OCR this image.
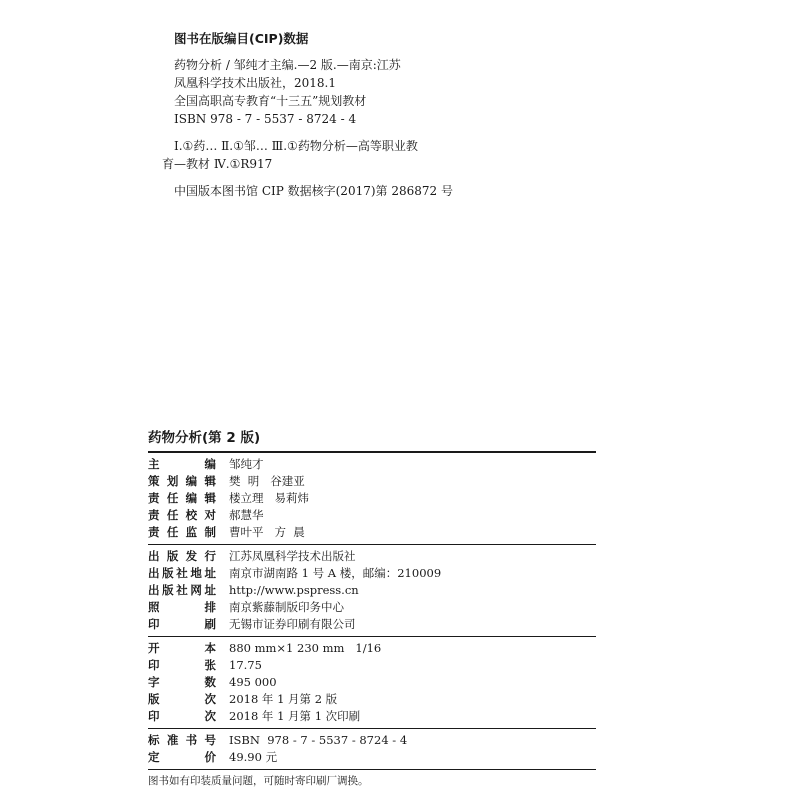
图书在版编目(CIP)数据
药物分析 / 邹纯才主编.—2 版.—南京:江苏
凤凰科学技术出版社，2018.1
全国高职高专教育“十三五”规划教材
ISBN 978 - 7 - 5537 - 8724 - 4
Ⅰ.①药… Ⅱ.①邹… Ⅲ.①药物分析—高等职业教
育—教材 Ⅳ.①R917
中国版本图书馆 CIP 数据核字(2017)第 286872 号
药物分析(第 2 版)
主编 邹纯才
策划编辑 樊  明   谷建亚
责任编辑 楼立理   易莉炜
责任校对 郝慧华
责任监制 曹叶平   方  晨
出版发行 江苏凤凰科学技术出版社
出版社地址 南京市湖南路 1 号 A 楼，邮编：210009
出版社网址 http://www.pspress.cn
照排 南京紫藤制版印务中心
印刷 无锡市证券印刷有限公司
开本 880 mm×1 230 mm   1/16
印张 17.75
字数 495 000
版次 2018 年 1 月第 2 版
印次 2018 年 1 月第 1 次印刷
标准书号 ISBN  978 - 7 - 5537 - 8724 - 4
定价 49.90 元
图书如有印装质量问题，可随时寄印刷厂调换。
